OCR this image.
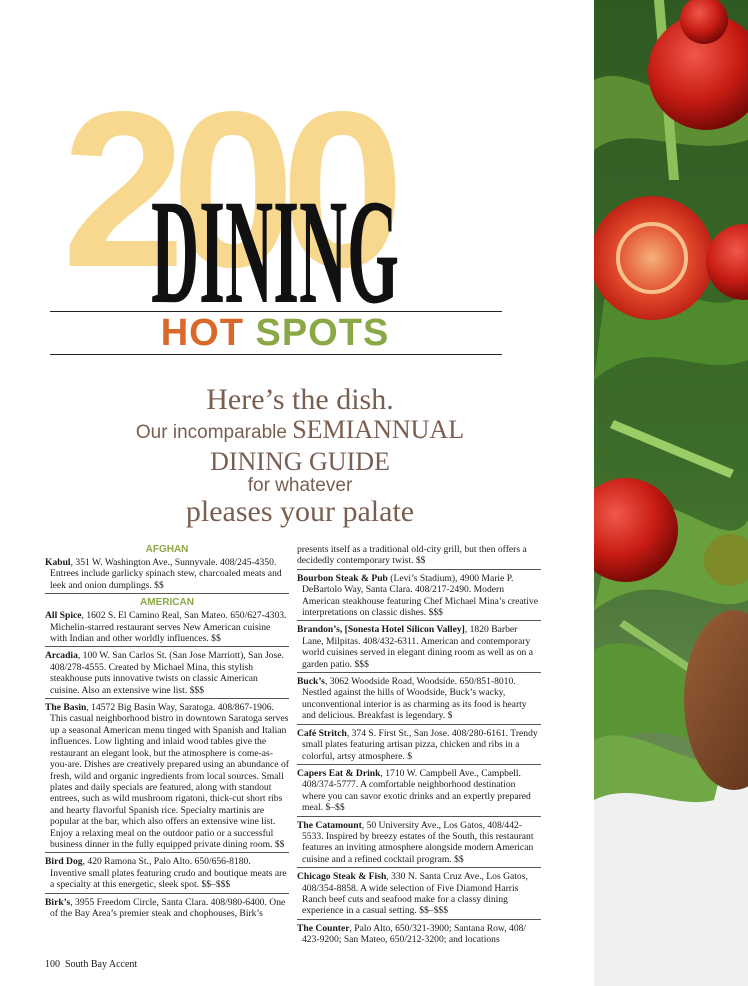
200
DINING
HOT SPOTS
Here’s the dish.
Our incomparable SEMIANNUAL
DINING GUIDE
for whatever
pleases your palate
AFGHAN
Kabul, 351 W. Washington Ave., Sunnyvale. 408/245-4350. Entrees include garlicky spinach stew, charcoaled meats and leek and onion dumplings. $$
AMERICAN
All Spice, 1602 S. El Camino Real, San Mateo. 650/627-4303. Michelin-starred restaurant serves New American cuisine with Indian and other worldly influences. $$
Arcadia, 100 W. San Carlos St. (San Jose Marriott), San Jose. 408/278-4555. Created by Michael Mina, this stylish steakhouse puts innovative twists on classic American cuisine. Also an extensive wine list. $$$
The Basin, 14572 Big Basin Way, Saratoga. 408/867-1906. This casual neighborhood bistro in downtown Saratoga serves up a seasonal American menu tinged with Spanish and Italian influences. Low lighting and inlaid wood tables give the restaurant an elegant look, but the atmosphere is come-as-you-are. Dishes are creatively prepared using an abundance of fresh, wild and organic ingredients from local sources. Small plates and daily specials are featured, along with standout entrees, such as wild mushroom rigatoni, thick-cut short ribs and hearty flavorful Spanish rice. Specialty martinis are popular at the bar, which also offers an extensive wine list. Enjoy a relaxing meal on the outdoor patio or a successful business dinner in the fully equipped private dining room. $$
Bird Dog, 420 Ramona St., Palo Alto. 650/656-8180. Inventive small plates featuring crudo and boutique meats are a specialty at this energetic, sleek spot. $$–$$$
Birk’s, 3955 Freedom Circle, Santa Clara. 408/980-6400. One of the Bay Area’s premier steak and chophouses, Birk’s
presents itself as a traditional old-city grill, but then offers a decidedly contemporary twist. $$
Bourbon Steak & Pub (Levi’s Stadium), 4900 Marie P. DeBartolo Way, Santa Clara. 408/217-2490. Modern American steakhouse featuring Chef Michael Mina’s creative interpretations on classic dishes. $$$
Brandon’s, [Sonesta Hotel Silicon Valley], 1820 Barber Lane, Milpitas. 408/432-6311. American and contemporary world cuisines served in elegant dining room as well as on a garden patio. $$$
Buck’s, 3062 Woodside Road, Woodside. 650/851-8010. Nestled against the hills of Woodside, Buck’s wacky, unconventional interior is as charming as its food is hearty and delicious. Breakfast is legendary. $
Café Stritch, 374 S. First St., San Jose. 408/280-6161. Trendy small plates featuring artisan pizza, chicken and ribs in a colorful, artsy atmosphere. $
Capers Eat & Drink, 1710 W. Campbell Ave., Campbell. 408/374-5777. A comfortable neighborhood destination where you can savor exotic drinks and an expertly prepared meal. $–$$
The Catamount, 50 University Ave., Los Gatos, 408/442-5533. Inspired by breezy estates of the South, this restaurant features an inviting atmosphere alongside modern American cuisine and a refined cocktail program. $$
Chicago Steak & Fish, 330 N. Santa Cruz Ave., Los Gatos, 408/354-8858. A wide selection of Five Diamond Harris Ranch beef cuts and seafood make for a classy dining experience in a casual setting. $$–$$$
The Counter, Palo Alto, 650/321-3900; Santana Row, 408/ 423-9200; San Mateo, 650/212-3200; and locations
100 South Bay Accent
